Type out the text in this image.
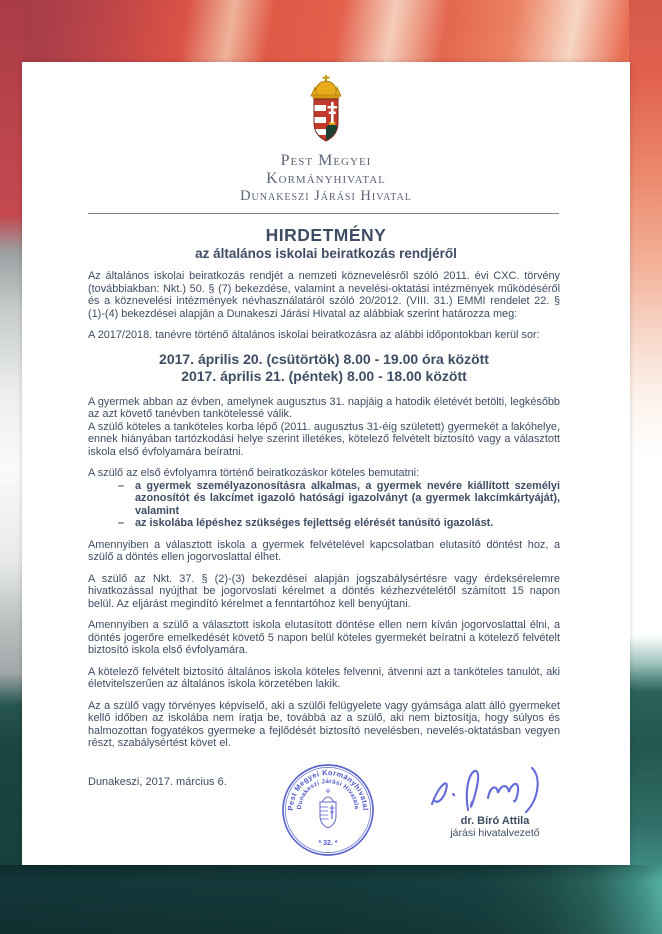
Pest Megyei
Kormányhivatal
Dunakeszi Járási Hivatal
HIRDETMÉNY
az általános iskolai beiratkozás rendjéről

Az általános iskolai beiratkozás rendjét a nemzeti köznevelésről szóló 2011. évi CXC. törvény (továbbiakban: Nkt.) 50. § (7) bekezdése, valamint a nevelési-oktatási intézmények működéséről és a köznevelési intézmények névhasználatáról szóló 20/2012. (VIII. 31.) EMMI rendelet 22. § (1)-(4) bekezdései alapján a Dunakeszi Járási Hivatal az alábbiak szerint határozza meg:

A 2017/2018. tanévre történő általános iskolai beiratkozásra az alábbi időpontokban kerül sor:

2017. április 20. (csütörtök) 8.00 - 19.00 óra között
2017. április 21. (péntek) 8.00 - 18.00 között

A gyermek abban az évben, amelynek augusztus 31. napjáig a hatodik életévét betölti, legkésőbb az azt követő tanévben tankötelessé válik.

A szülő köteles a tanköteles korba lépő (2011. augusztus 31-éig született) gyermekét a lakóhelye, ennek hiányában tartózkodási helye szerint illetékes, kötelező felvételt biztosító vagy a választott iskola első évfolyamára beíratni.

A szülő az első évfolyamra történő beiratkozáskor köteles bemutatni:

–	a gyermek személyazonosításra alkalmas, a gyermek nevére kiállított személyi azonosítót és lakcímet igazoló hatósági igazolványt (a gyermek lakcímkártyáját), valamint
–	az iskolába lépéshez szükséges fejlettség elérését tanúsító igazolást.

Amennyiben a választott iskola a gyermek felvételével kapcsolatban elutasító döntést hoz, a szülő a döntés ellen jogorvoslattal élhet.

A szülő az Nkt. 37. § (2)-(3) bekezdései alapján jogszabálysértésre vagy érdeksérelemre hivatkozással nyújthat be jogorvoslati kérelmet a döntés kézhezvételétől számított 15 napon belül. Az eljárást megindító kérelmet a fenntartóhoz kell benyújtani.

Amennyiben a szülő a választott iskola elutasított döntése ellen nem kíván jogorvoslattal élni, a döntés jogerőre emelkedését követő 5 napon belül köteles gyermekét beíratni a kötelező felvételt biztosító iskola első évfolyamára.

A kötelező felvételt biztosító általános iskola köteles felvenni, átvenni azt a tanköteles tanulót, aki életvitelszerűen az általános iskola körzetében lakik.

Az a szülő vagy törvényes képviselő, aki a szülői felügyelete vagy gyámsága alatt álló gyermeket kellő időben az iskolába nem íratja be, továbbá az a szülő, aki nem biztosítja, hogy súlyos és halmozottan fogyatékos gyermeke a fejlődését biztosító nevelésben, nevelés-oktatásban vegyen részt, szabálysértést követ el.

Dunakeszi, 2017. március 6.
Pest Megyei Kormányhivatal
Dunakeszi Járási Hivatala
* 32. *
dr. Bíró Attila
járási hivatalvezető
